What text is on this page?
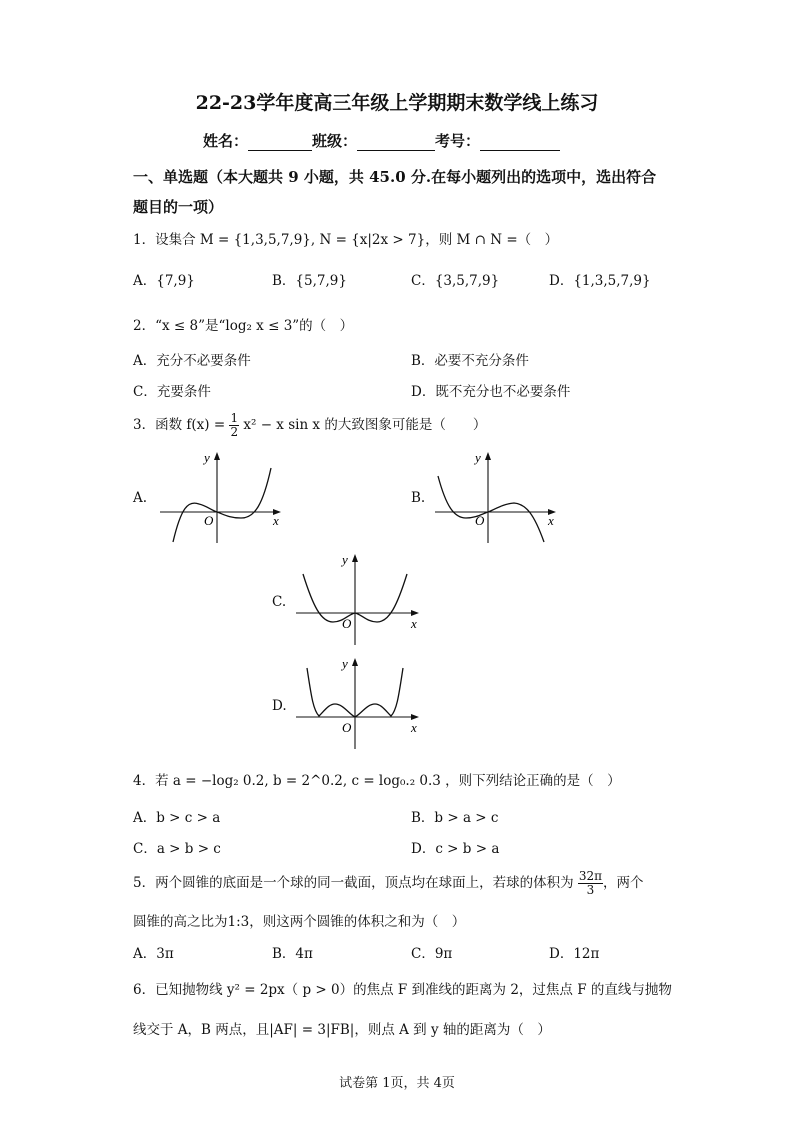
22-23学年度高三年级上学期期末数学线上练习
姓名：	班级：	考号：
一、单选题（本大题共 9 小题，共 45.0 分.在每小题列出的选项中，选出符合题目的一项）
1．设集合 M = {1,3,5,7,9}, N = {x|2x > 7}，则 M ∩ N =（　）
A．{7,9}	B．{5,7,9}	C．{3,5,7,9}	D．{1,3,5,7,9}
2．“x ≤ 8”是“log₂ x ≤ 3”的（　）
A．充分不必要条件	B．必要不充分条件
C．充要条件	D．既不充分也不必要条件
3．函数 $f(x) = \frac{1}{2} x^2 - x$ sin x 的大致图象可能是（　　）
A.
O	x
y
B.
O	x
y
C.
O	x
y
D.
O	x
y
4．若 a = −log₂ 0.2, b = 2^0.2, c = log₀.₂ 0.3 ，则下列结论正确的是（　）
A．b > c > a	B．b > a > c
C．a > b > c	D．c > b > a
5．两个圆锥的底面是一个球的同一截面，顶点均在球面上，若球的体积为 $\frac{32\pi}{3}$ ，两个
圆锥的高之比为1:3，则这两个圆锥的体积之和为（　）
A．3π	B．4π	C．9π	D．12π
6．已知抛物线 y² = 2px（ p > 0）的焦点 F 到准线的距离为 2，过焦点 F 的直线与抛物
线交于 A，B 两点，且|AF| = 3|FB|，则点 A 到 y 轴的距离为（　）
试卷第 1页，共 4页
